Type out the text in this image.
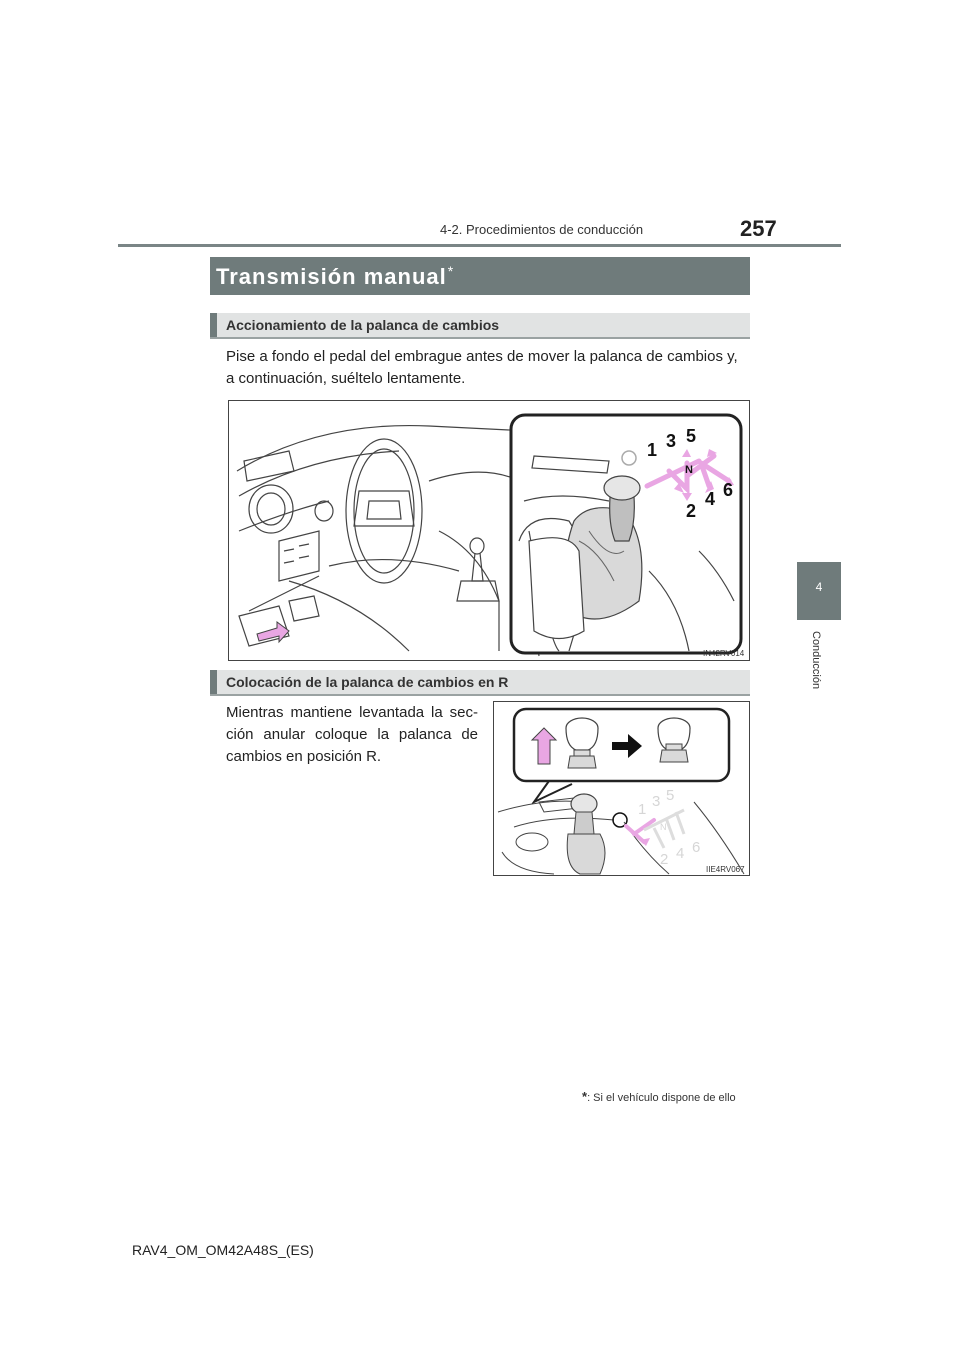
4-2. Procedimientos de conducción	257
4
Conducción
Transmisión manual*
Accionamiento de la palanca de cambios
Pise a fondo el pedal del embrague antes de mover la palanca de cambios y,
a continuación, suéltelo lentamente.
1 3 5
N
2
4 6
IN42RV014
Colocación de la palanca de cambios en R
Mientras mantiene levantada la sec-
ción anular coloque la palanca de
cambios en posición R.
1 3 5
N
2 4 6
IIE4RV067
*: Si el vehículo dispone de ello
RAV4_OM_OM42A48S_(ES)
